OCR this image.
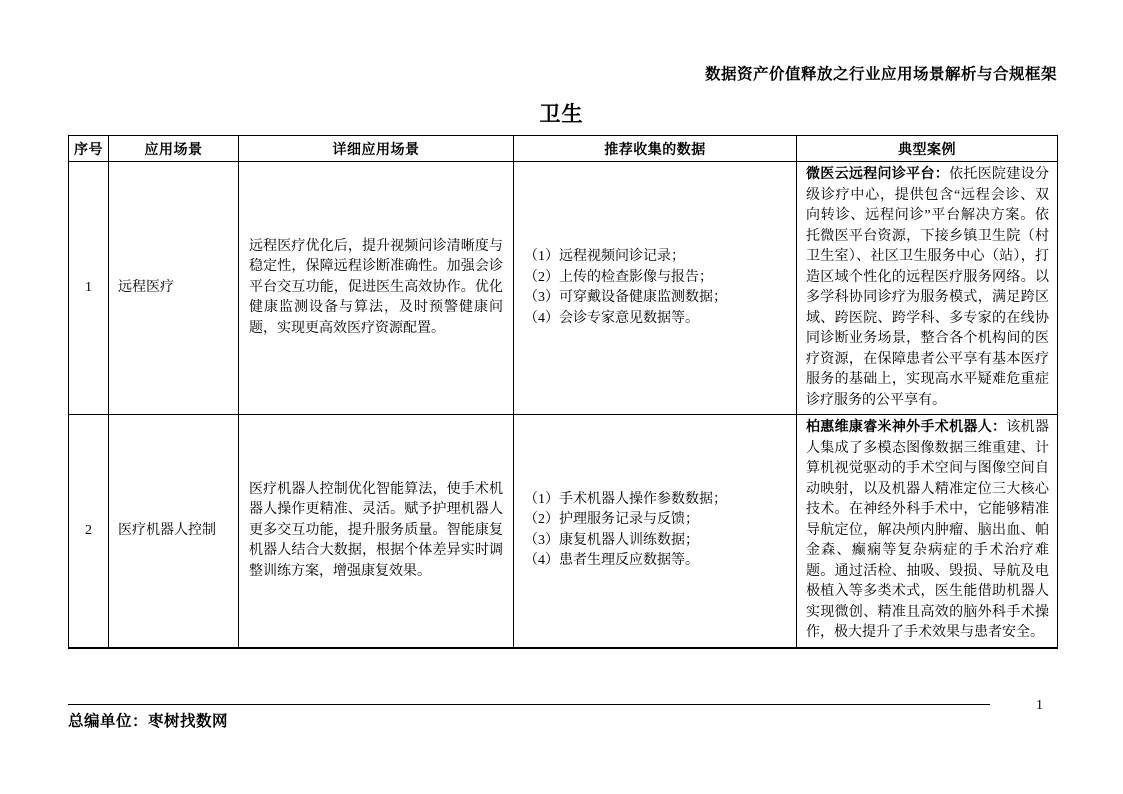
数据资产价值释放之行业应用场景解析与合规框架
卫生
序号	应用场景	详细应用场景	推荐收集的数据	典型案例
1	远程医疗	远程医疗优化后，提升视频问诊清晰度与稳定性，保障远程诊断准确性。加强会诊平台交互功能，促进医生高效协作。优化健康监测设备与算法，及时预警健康问题，实现更高效医疗资源配置。	（1）远程视频问诊记录；
（2）上传的检查影像与报告；
（3）可穿戴设备健康监测数据；
（4）会诊专家意见数据等。	微医云远程问诊平台：依托医院建设分级诊疗中心，提供包含“远程会诊、双向转诊、远程问诊”平台解决方案。依托微医平台资源，下接乡镇卫生院（村卫生室）、社区卫生服务中心（站），打造区域个性化的远程医疗服务网络。以多学科协同诊疗为服务模式，满足跨区域、跨医院、跨学科、多专家的在线协同诊断业务场景，整合各个机构间的医疗资源，在保障患者公平享有基本医疗服务的基础上，实现高水平疑难危重症诊疗服务的公平享有。
2	医疗机器人控制	医疗机器人控制优化智能算法，使手术机器人操作更精准、灵活。赋予护理机器人更多交互功能，提升服务质量。智能康复机器人结合大数据，根据个体差异实时调整训练方案，增强康复效果。	（1）手术机器人操作参数数据；
（2）护理服务记录与反馈；
（3）康复机器人训练数据；
（4）患者生理反应数据等。	柏惠维康睿米神外手术机器人：该机器人集成了多模态图像数据三维重建、计算机视觉驱动的手术空间与图像空间自动映射，以及机器人精准定位三大核心技术。在神经外科手术中，它能够精准导航定位，解决颅内肿瘤、脑出血、帕金森、癫痫等复杂病症的手术治疗难题。通过活检、抽吸、毁损、导航及电极植入等多类术式，医生能借助机器人实现微创、精准且高效的脑外科手术操作，极大提升了手术效果与患者安全。
总编单位：枣树找数网
1
